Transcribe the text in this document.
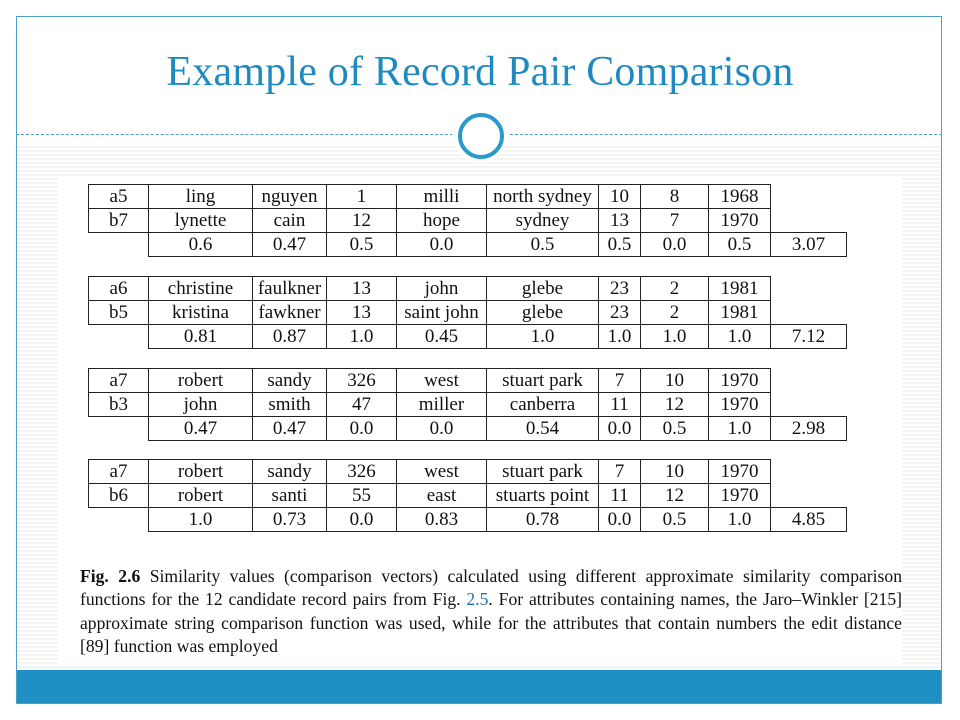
Example of Record Pair Comparison
a5	ling	nguyen	1	milli	north sydney	10	8	1968	
b7	lynette	cain	12	hope	sydney	13	7	1970	
	0.6	0.47	0.5	0.0	0.5	0.5	0.0	0.5	3.07
a6	christine	faulkner	13	john	glebe	23	2	1981	
b5	kristina	fawkner	13	saint john	glebe	23	2	1981	
	0.81	0.87	1.0	0.45	1.0	1.0	1.0	1.0	7.12
a7	robert	sandy	326	west	stuart park	7	10	1970	
b3	john	smith	47	miller	canberra	11	12	1970	
	0.47	0.47	0.0	0.0	0.54	0.0	0.5	1.0	2.98
a7	robert	sandy	326	west	stuart park	7	10	1970	
b6	robert	santi	55	east	stuarts point	11	12	1970	
	1.0	0.73	0.0	0.83	0.78	0.0	0.5	1.0	4.85
Fig. 2.6 Similarity values (comparison vectors) calculated using different approximate similarity comparison functions for the 12 candidate record pairs from Fig. 2.5. For attributes containing names, the Jaro–Winkler [215] approximate string comparison function was used, while for the attributes that contain numbers the edit distance [89] function was employed
